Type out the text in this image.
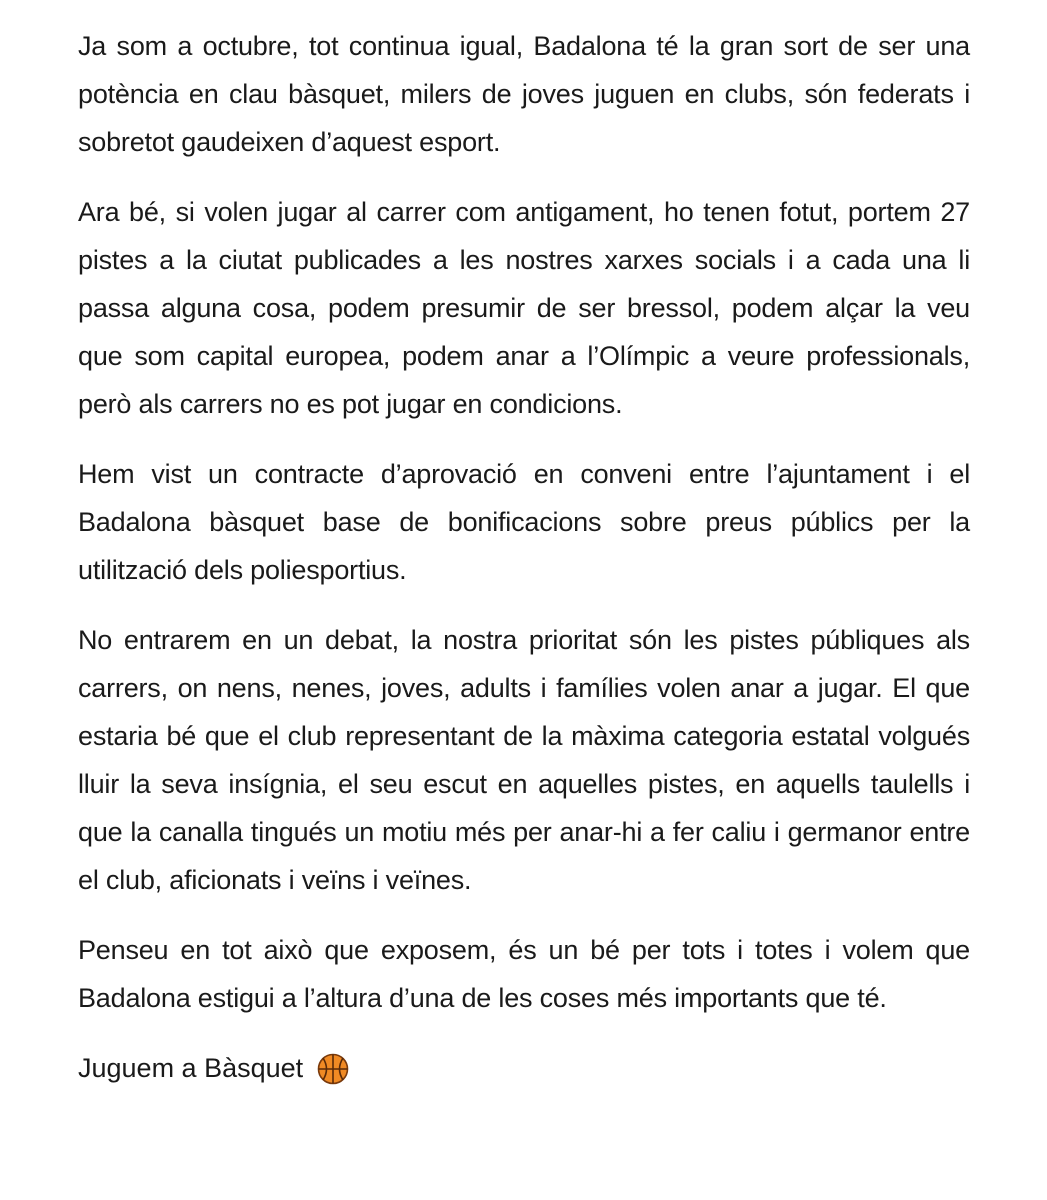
Ja som a octubre, tot continua igual, Badalona té la gran sort de ser una potència en clau bàsquet, milers de joves juguen en clubs, són federats i sobretot gaudeixen d’aquest esport.

Ara bé, si volen jugar al carrer com antigament, ho tenen fotut, portem 27 pistes a la ciutat publicades a les nostres xarxes socials i a cada una li passa alguna cosa, podem presumir de ser bressol, podem alçar la veu que som capital europea, podem anar a l’Olímpic a veure professionals, però als carrers no es pot jugar en condicions.

Hem vist un contracte d’aprovació en conveni entre l’ajuntament i el Badalona bàsquet base de bonificacions sobre preus públics per la utilització dels poliesportius.

No entrarem en un debat, la nostra prioritat són les pistes públiques als carrers, on nens, nenes, joves, adults i famílies volen anar a jugar. El que estaria bé que el club representant de la màxima categoria estatal volgués lluir la seva insígnia, el seu escut en aquelles pistes, en aquells taulells i que la canalla tingués un motiu més per anar-hi a fer caliu i germanor entre el club, aficionats i veïns i veïnes.

Penseu en tot això que exposem, és un bé per tots i totes i volem que Badalona estigui a l’altura d’una de les coses més importants que té.

Juguem a Bàsquet
